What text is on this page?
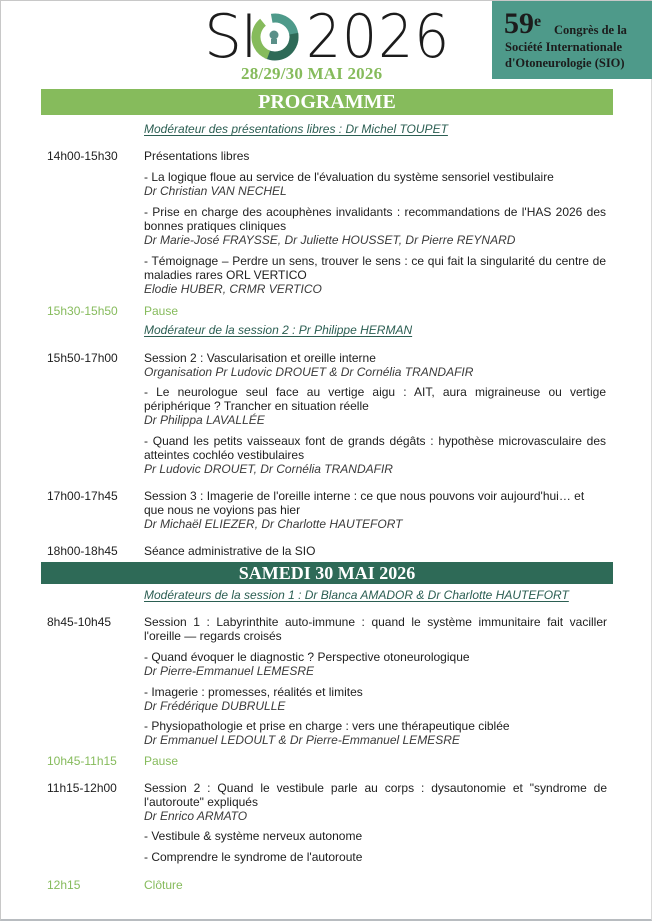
SI 2026
28/29/30 MAI 2026
59e Congrès de la
Société Internationale
d'Otoneurologie (SIO)
PROGRAMME
Modérateur des présentations libres : Dr Michel TOUPET
14h00-15h30	Présentations libres
- La logique floue au service de l'évaluation du système sensoriel vestibulaire
Dr Christian VAN NECHEL
- Prise en charge des acouphènes invalidants : recommandations de l'HAS 2026 des bonnes pratiques cliniques
Dr Marie-José FRAYSSE, Dr Juliette HOUSSET, Dr Pierre REYNARD
- Témoignage – Perdre un sens, trouver le sens : ce qui fait la singularité du centre de maladies rares ORL VERTICO
Elodie HUBER, CRMR VERTICO
15h30-15h50	Pause
Modérateur de la session 2 : Pr Philippe HERMAN
15h50-17h00	Session 2 : Vascularisation et oreille interne
Organisation Pr Ludovic DROUET & Dr Cornélia TRANDAFIR
- Le neurologue seul face au vertige aigu : AIT, aura migraineuse ou vertige périphérique ? Trancher en situation réelle
Dr Philippa LAVALLÉE
- Quand les petits vaisseaux font de grands dégâts : hypothèse microvasculaire des atteintes cochléo vestibulaires
Pr Ludovic DROUET, Dr Cornélia TRANDAFIR
17h00-17h45	Session 3 : Imagerie de l'oreille interne : ce que nous pouvons voir aujourd'hui… et que nous ne voyions pas hier
Dr Michaël ELIEZER, Dr Charlotte HAUTEFORT
18h00-18h45	Séance administrative de la SIO
SAMEDI 30 MAI 2026
Modérateurs de la session 1 : Dr Blanca AMADOR & Dr Charlotte HAUTEFORT
8h45-10h45	Session 1 : Labyrinthite auto-immune : quand le système immunitaire fait vaciller l'oreille — regards croisés
- Quand évoquer le diagnostic ? Perspective otoneurologique
Dr Pierre-Emmanuel LEMESRE
- Imagerie : promesses, réalités et limites
Dr Frédérique DUBRULLE
- Physiopathologie et prise en charge : vers une thérapeutique ciblée
Dr Emmanuel LEDOULT & Dr Pierre-Emmanuel LEMESRE
10h45-11h15	Pause
11h15-12h00	Session 2 : Quand le vestibule parle au corps : dysautonomie et "syndrome de l'autoroute" expliqués
Dr Enrico ARMATO
- Vestibule & système nerveux autonome
- Comprendre le syndrome de l'autoroute
12h15	Clôture
